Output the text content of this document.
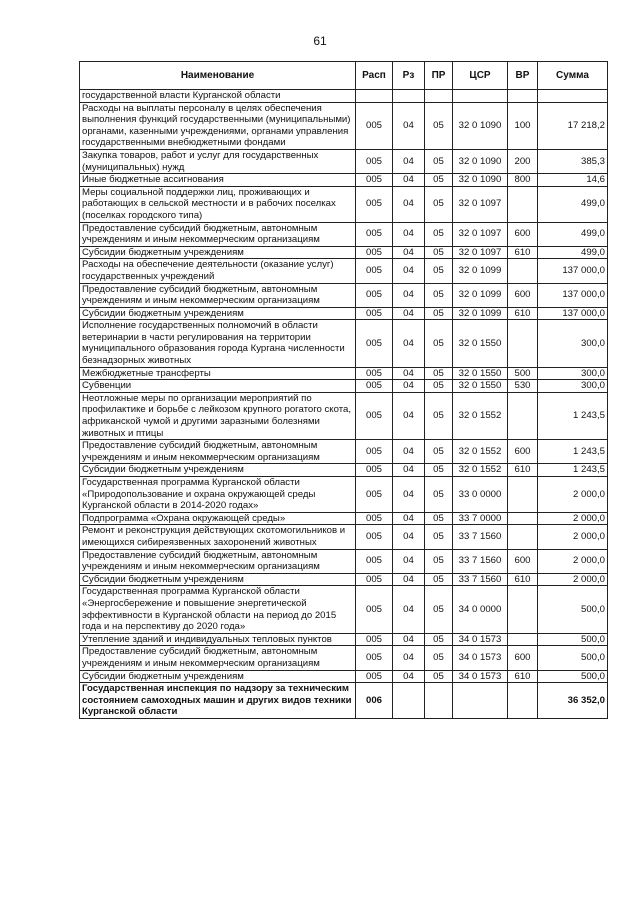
61
Наименование	Расп	Рз	ПР	ЦСР	ВР	Сумма
государственной власти Курганской области						
Расходы на выплаты персоналу в целях обеспечения выполнения функций государственными (муниципальными) органами, казенными учреждениями, органами управления государственными внебюджетными фондами	005	04	05	32 0 1090	100	17 218,2
Закупка товаров, работ и услуг для государственных (муниципальных) нужд	005	04	05	32 0 1090	200	385,3
Иные бюджетные ассигнования	005	04	05	32 0 1090	800	14,6
Меры социальной поддержки лиц, проживающих и работающих в сельской местности и в рабочих поселках (поселках городского типа)	005	04	05	32 0 1097		499,0
Предоставление субсидий бюджетным, автономным учреждениям и иным некоммерческим организациям	005	04	05	32 0 1097	600	499,0
Субсидии бюджетным учреждениям	005	04	05	32 0 1097	610	499,0
Расходы на обеспечение деятельности (оказание услуг) государственных учреждений	005	04	05	32 0 1099		137 000,0
Предоставление субсидий бюджетным, автономным учреждениям и иным некоммерческим организациям	005	04	05	32 0 1099	600	137 000,0
Субсидии бюджетным учреждениям	005	04	05	32 0 1099	610	137 000,0
Исполнение государственных полномочий в области ветеринарии в части регулирования на территории муниципального образования города Кургана численности безнадзорных животных	005	04	05	32 0 1550		300,0
Межбюджетные трансферты	005	04	05	32 0 1550	500	300,0
Субвенции	005	04	05	32 0 1550	530	300,0
Неотложные меры по организации мероприятий по профилактике и борьбе с лейкозом крупного рогатого скота, африканской чумой и другими заразными болезнями животных и птицы	005	04	05	32 0 1552		1 243,5
Предоставление субсидий бюджетным, автономным учреждениям и иным некоммерческим организациям	005	04	05	32 0 1552	600	1 243,5
Субсидии бюджетным учреждениям	005	04	05	32 0 1552	610	1 243,5
Государственная программа Курганской области «Природопользование и охрана окружающей среды Курганской области в 2014-2020 годах»	005	04	05	33 0 0000		2 000,0
Подпрограмма «Охрана окружающей среды»	005	04	05	33 7 0000		2 000,0
Ремонт и реконструкция действующих скотомогильников и имеющихся сибиреязвенных захоронений животных	005	04	05	33 7 1560		2 000,0
Предоставление субсидий бюджетным, автономным учреждениям и иным некоммерческим организациям	005	04	05	33 7 1560	600	2 000,0
Субсидии бюджетным учреждениям	005	04	05	33 7 1560	610	2 000,0
Государственная программа Курганской области «Энергосбережение и повышение энергетической эффективности в Курганской области на период до 2015 года и на перспективу до 2020 года»	005	04	05	34 0 0000		500,0
Утепление зданий и индивидуальных тепловых пунктов	005	04	05	34 0 1573		500,0
Предоставление субсидий бюджетным, автономным учреждениям и иным некоммерческим организациям	005	04	05	34 0 1573	600	500,0
Субсидии бюджетным учреждениям	005	04	05	34 0 1573	610	500,0
Государственная инспекция по надзору за техническим состоянием самоходных машин и других видов техники Курганской области	006					36 352,0
